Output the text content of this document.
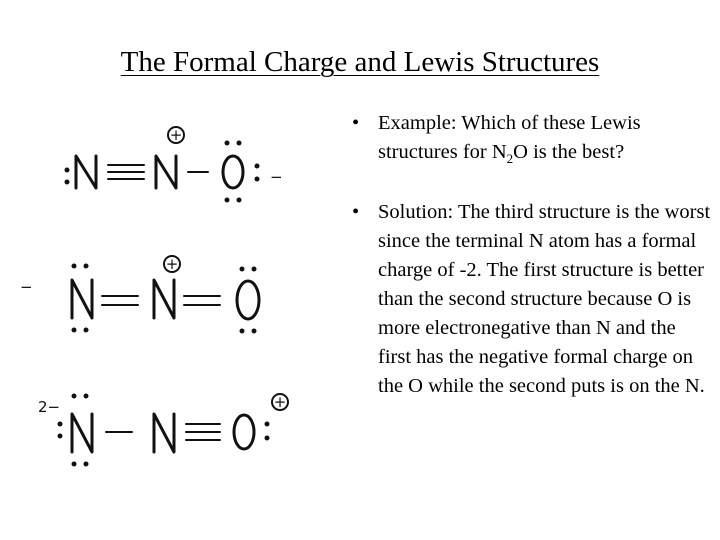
The Formal Charge and Lewis Structures
• Example: Which of these Lewis structures for $N_2O$ is the best?
• Solution: The third structure is the worst since the terminal N atom has a formal charge of -2. The first structure is better than the second structure because O is more electronegative than N and the first has the negative formal charge on the O while the second puts is on the N.
+
−
−
+
2−	+
